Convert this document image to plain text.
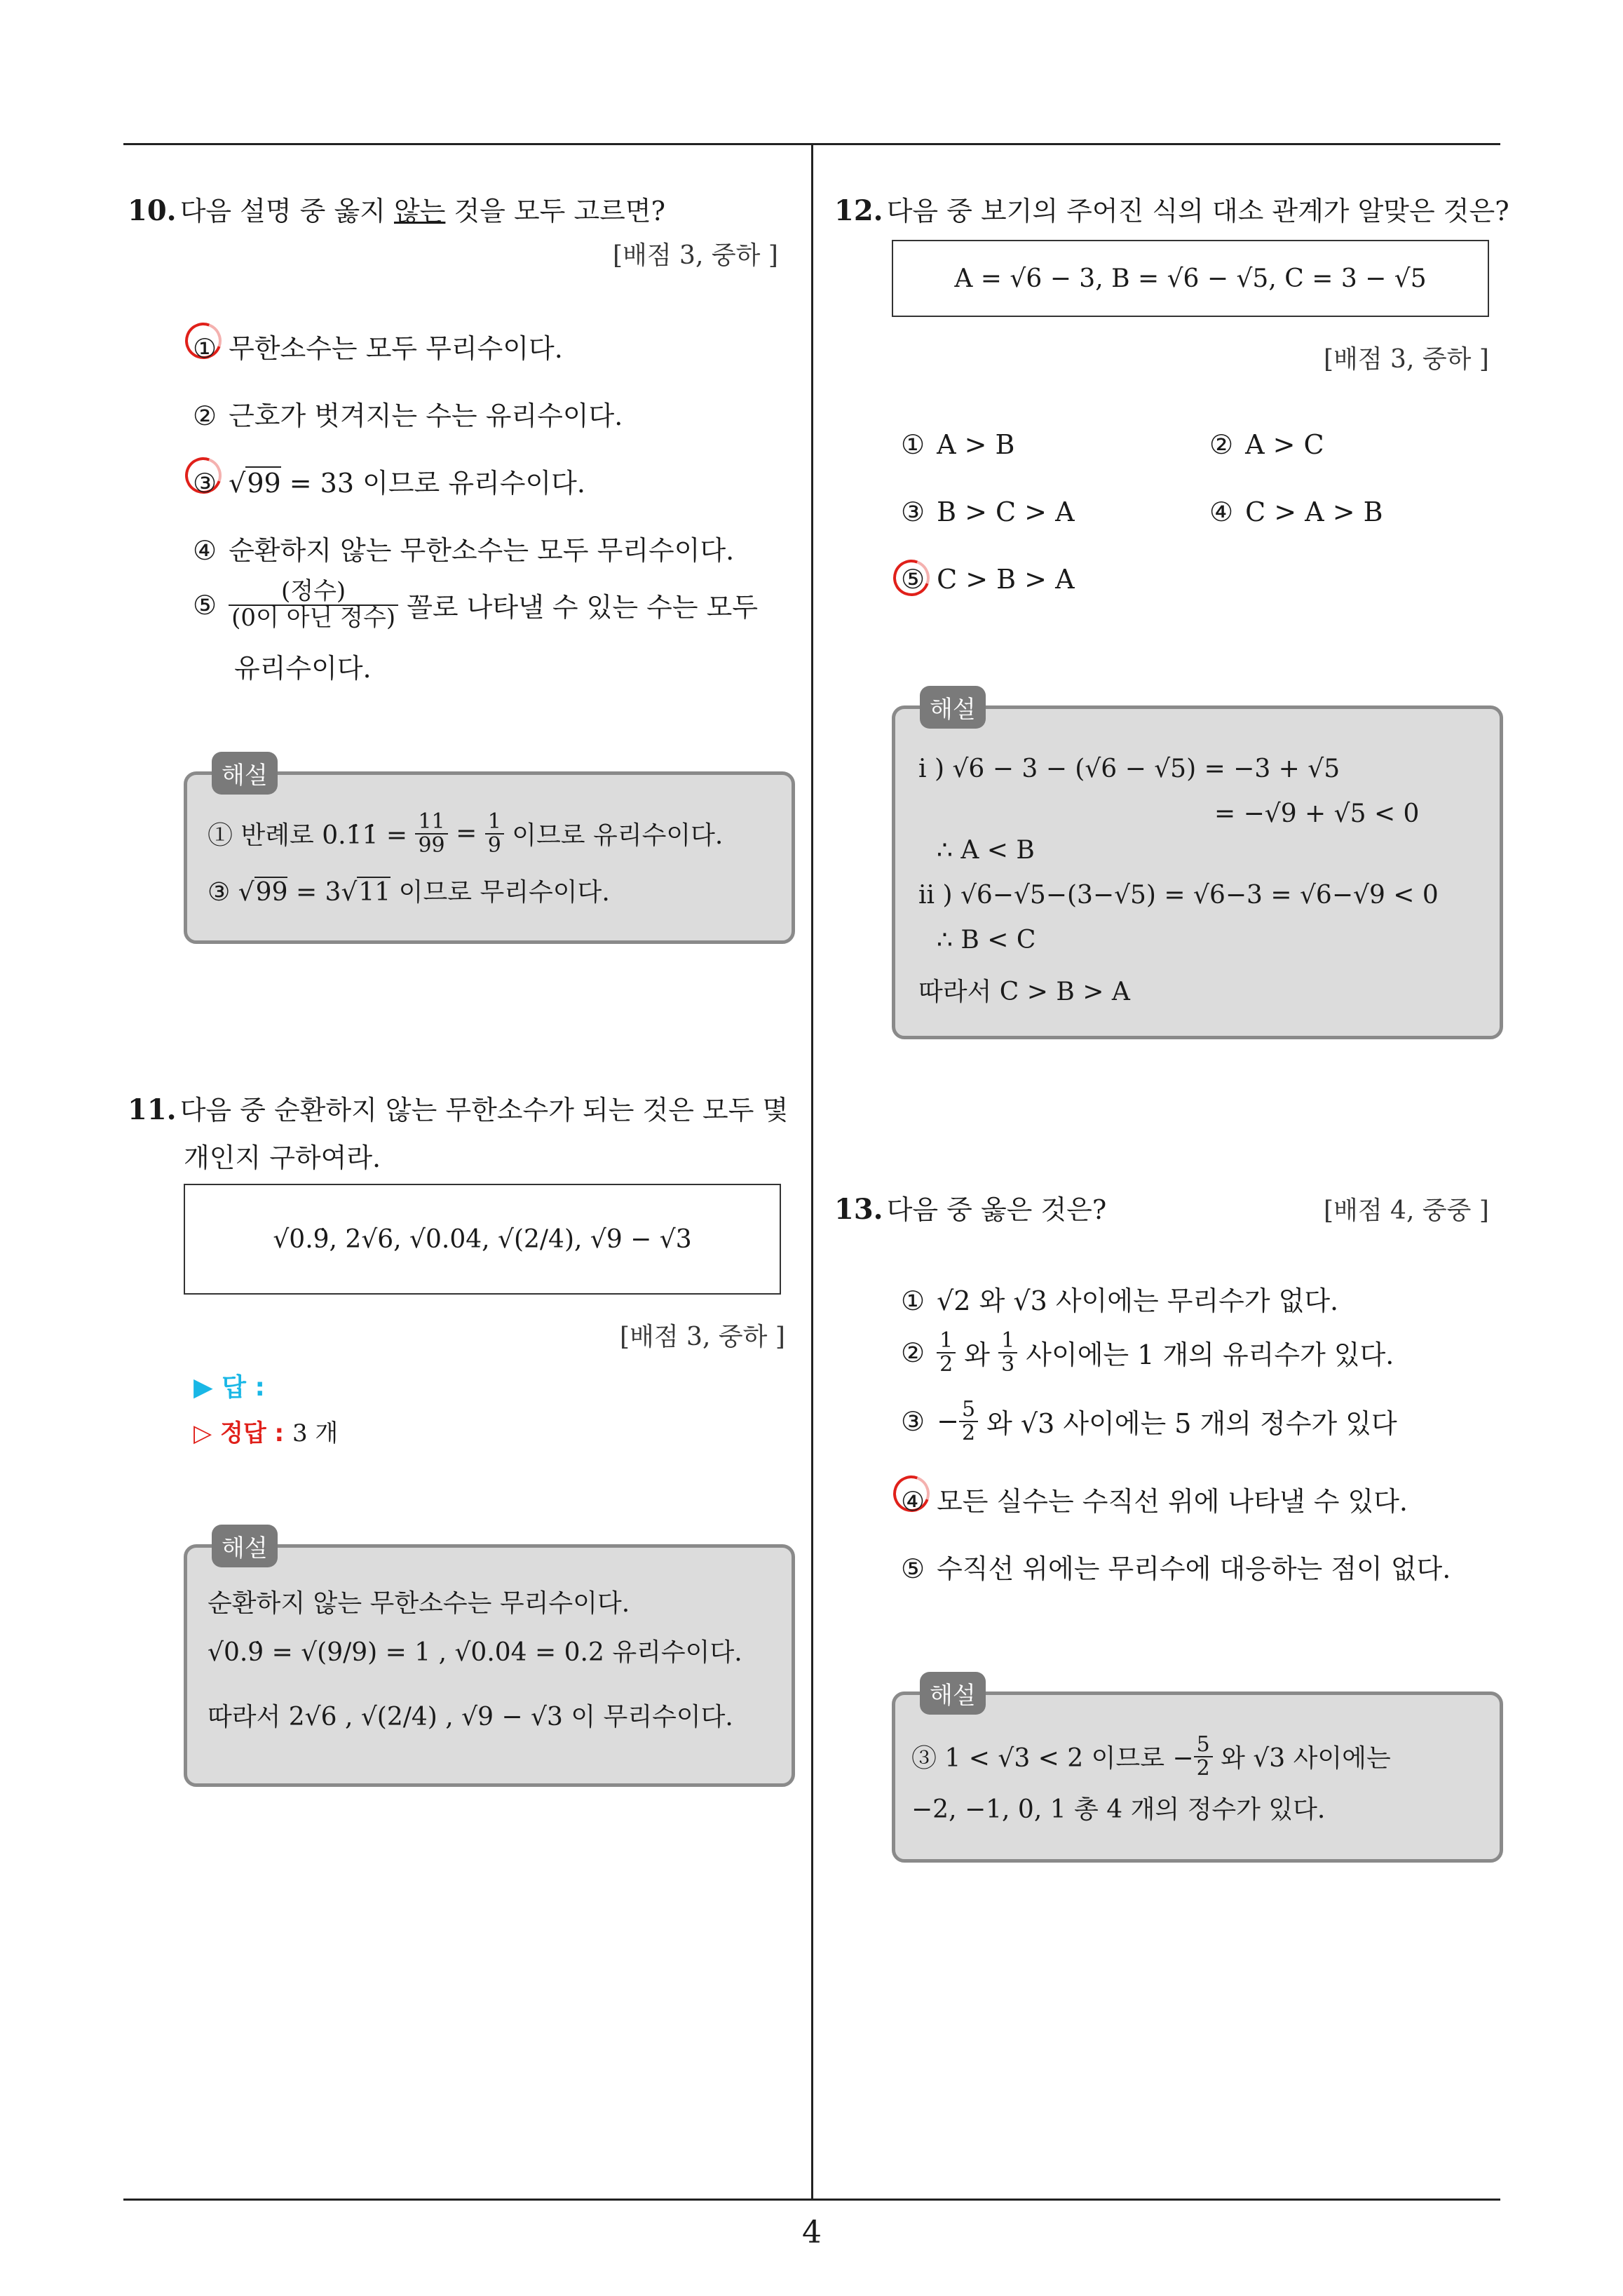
4
10. 다음 설명 중 옳지 않는 것을 모두 고르면?
[배점 3, 중하 ]
① 무한소수는 모두 무리수이다.
② 근호가 벗겨지는 수는 유리수이다.
③ √99 = 33 이므로 유리수이다.
④ 순환하지 않는 무한소수는 모두 무리수이다.
⑤ $\frac{\text{(정수)}}{\text{(0이 아닌 정수)}}$ 꼴로 나타낼 수 있는 수는 모두
유리수이다.
해설
① 반례로 0.1̇1̇ = $\frac{11}{99} = \frac{1}{9}$ 이므로 유리수이다.
③ √99 = 3√11 이므로 무리수이다.
11. 다음 중 순환하지 않는 무한소수가 되는 것은 모두 몇
개인지 구하여라.
√0.9̇, 2√6, √0.04, √(2/4), √9 − √3
[배점 3, 중하 ]
▶ 답 :
▷ 정답 : 3 개
해설
순환하지 않는 무한소수는 무리수이다.
√0.9̇ = √(9/9) = 1 , √0.04 = 0.2 유리수이다.
따라서 2√6 , √(2/4) , √9 − √3 이 무리수이다.
12. 다음 중 보기의 주어진 식의 대소 관계가 알맞은 것은?
A = √6 − 3, B = √6 − √5, C = 3 − √5
[배점 3, 중하 ]
① A > B	② A > C
③ B > C > A	④ C > A > B
⑤ C > B > A
해설
i ) √6 − 3 − (√6 − √5) = −3 + √5
= −√9 + √5 < 0
∴ A < B
ii ) √6−√5−(3−√5) = √6−3 = √6−√9 < 0
∴ B < C
따라서 C > B > A
13. 다음 중 옳은 것은?	[배점 4, 중중 ]
① √2 와 √3 사이에는 무리수가 없다.
② $\frac{1}{2}$ 와 $\frac{1}{3}$ 사이에는 1 개의 유리수가 있다.
③ − $\frac{5}{2}$ 와 √3 사이에는 5 개의 정수가 있다
④ 모든 실수는 수직선 위에 나타낼 수 있다.
⑤ 수직선 위에는 무리수에 대응하는 점이 없다.
해설
③ 1 < √3 < 2 이므로 − $\frac{5}{2}$ 와 √3 사이에는
−2, −1, 0, 1 총 4 개의 정수가 있다.
